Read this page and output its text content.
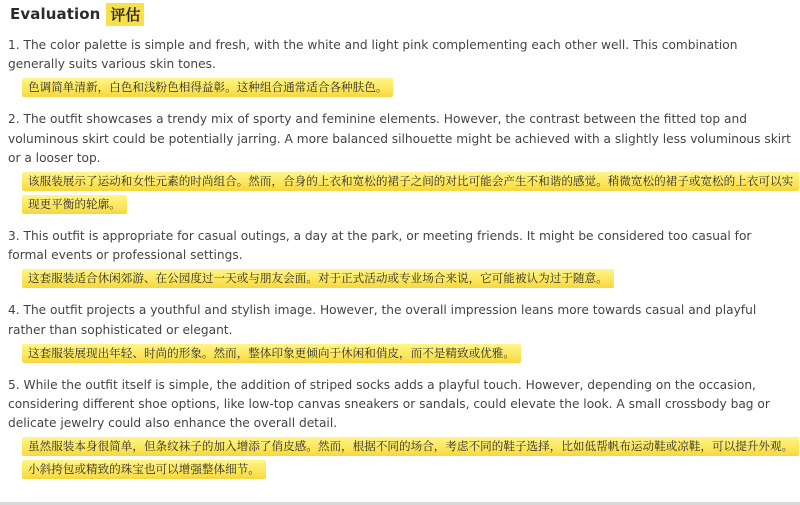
Evaluation 评估
1. The color palette is simple and fresh, with the white and light pink complementing each other well. This combination generally suits various skin tones.
色调简单清新，白色和浅粉色相得益彰。这种组合通常适合各种肤色。
2. The outfit showcases a trendy mix of sporty and feminine elements. However, the contrast between the fitted top and voluminous skirt could be potentially jarring. A more balanced silhouette might be achieved with a slightly less voluminous skirt or a looser top.
该服装展示了运动和女性元素的时尚组合。然而，合身的上衣和宽松的裙子之间的对比可能会产生不和谐的感觉。稍微宽松的裙子或宽松的上衣可以实现更平衡的轮廓。
3. This outfit is appropriate for casual outings, a day at the park, or meeting friends. It might be considered too casual for formal events or professional settings.
这套服装适合休闲郊游、在公园度过一天或与朋友会面。对于正式活动或专业场合来说，它可能被认为过于随意。
4. The outfit projects a youthful and stylish image. However, the overall impression leans more towards casual and playful rather than sophisticated or elegant.
这套服装展现出年轻、时尚的形象。然而，整体印象更倾向于休闲和俏皮，而不是精致或优雅。
5. While the outfit itself is simple, the addition of striped socks adds a playful touch. However, depending on the occasion, considering different shoe options, like low-top canvas sneakers or sandals, could elevate the look. A small crossbody bag or delicate jewelry could also enhance the overall detail.
虽然服装本身很简单，但条纹袜子的加入增添了俏皮感。然而，根据不同的场合，考虑不同的鞋子选择，比如低帮帆布运动鞋或凉鞋，可以提升外观。小斜挎包或精致的珠宝也可以增强整体细节。
